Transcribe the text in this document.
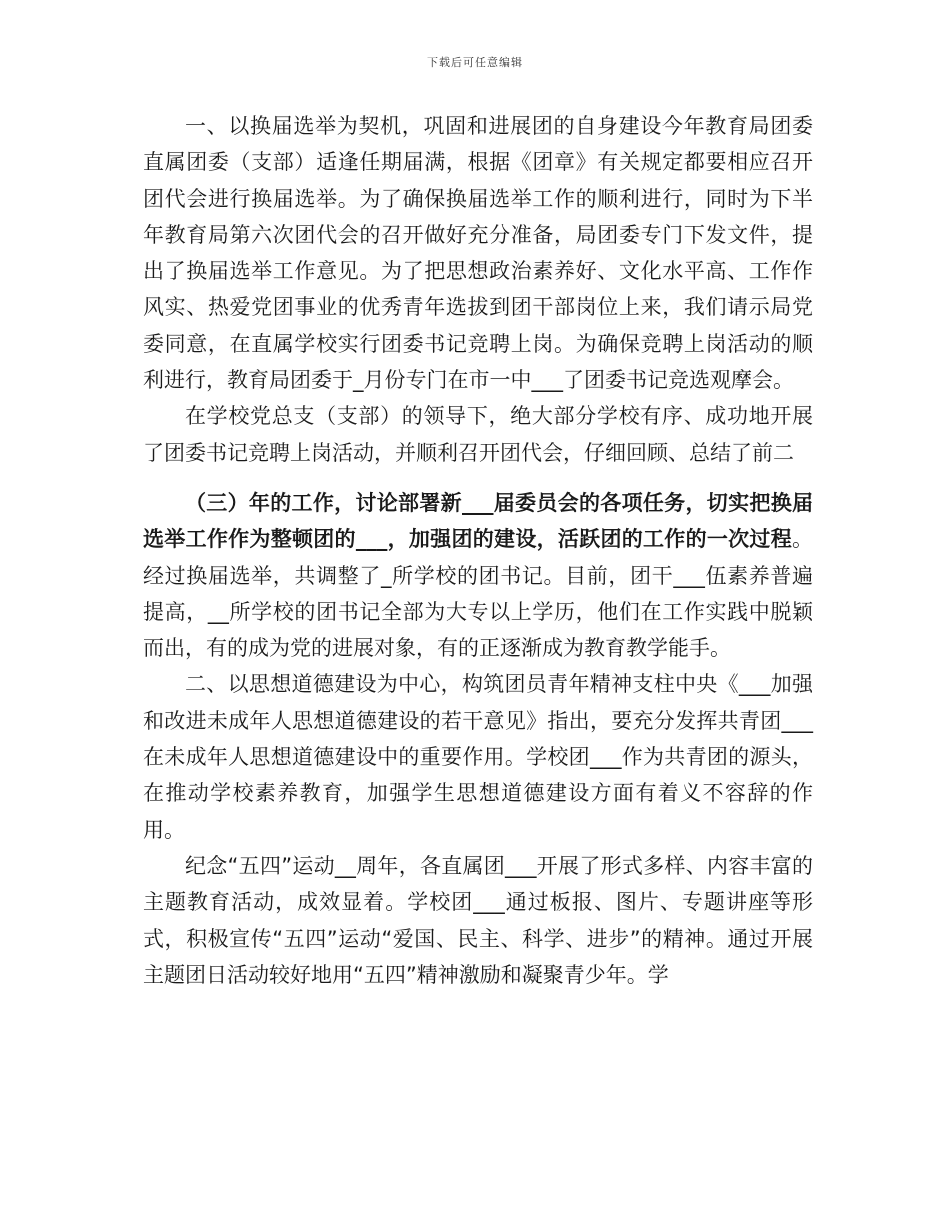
下载后可任意编辑

一、以换届选举为契机，巩固和进展团的自身建设今年教育局团委直属团委（支部）适逢任期届满，根据《团章》有关规定都要相应召开团代会进行换届选举。为了确保换届选举工作的顺利进行，同时为下半年教育局第六次团代会的召开做好充分准备，局团委专门下发文件，提出了换届选举工作意见。为了把思想政治素养好、文化水平高、工作作风实、热爱党团事业的优秀青年选拔到团干部岗位上来，我们请示局党委同意，在直属学校实行团委书记竞聘上岗。为确保竞聘上岗活动的顺利进行，教育局团委于_月份专门在市一中___了团委书记竞选观摩会。

在学校党总支（支部）的领导下，绝大部分学校有序、成功地开展了团委书记竞聘上岗活动，并顺利召开团代会，仔细回顾、总结了前二

（三）年的工作，讨论部署新___届委员会的各项任务，切实把换届选举工作作为整顿团的___，加强团的建设，活跃团的工作的一次过程。经过换届选举，共调整了_所学校的团书记。目前，团干___伍素养普遍提高，__所学校的团书记全部为大专以上学历，他们在工作实践中脱颖而出，有的成为党的进展对象，有的正逐渐成为教育教学能手。

二、以思想道德建设为中心，构筑团员青年精神支柱中央《___加强和改进未成年人思想道德建设的若干意见》指出，要充分发挥共青团___在未成年人思想道德建设中的重要作用。学校团___作为共青团的源头，在推动学校素养教育，加强学生思想道德建设方面有着义不容辞的作用。

纪念“五四”运动__周年，各直属团___开展了形式多样、内容丰富的主题教育活动，成效显着。学校团___通过板报、图片、专题讲座等形式，积极宣传“五四”运动“爱国、民主、科学、进步”的精神。通过开展主题团日活动较好地用“五四”精神激励和凝聚青少年。学
